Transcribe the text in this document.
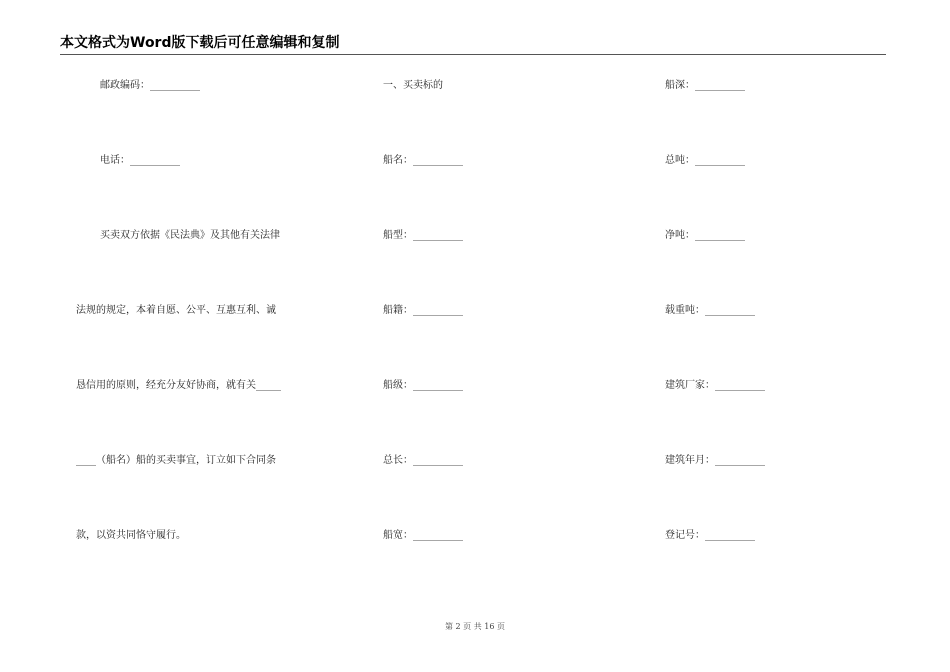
本文格式为Word版下载后可任意编辑和复制
邮政编码：__________
电话：__________
买卖双方依据《民法典》及其他有关法律
法规的规定，本着自愿、公平、互惠互利、诚
恳信用的原则，经充分友好协商，就有关_____
____（船名）船的买卖事宜，订立如下合同条
款，以资共同恪守履行。
一、买卖标的
船名：__________
船型：__________
船籍：__________
船级：__________
总长：__________
船宽：__________
船深：__________
总吨：__________
净吨：__________
载重吨：__________
建筑厂家：__________
建筑年月：__________
登记号：__________
第 2 页 共 16 页
